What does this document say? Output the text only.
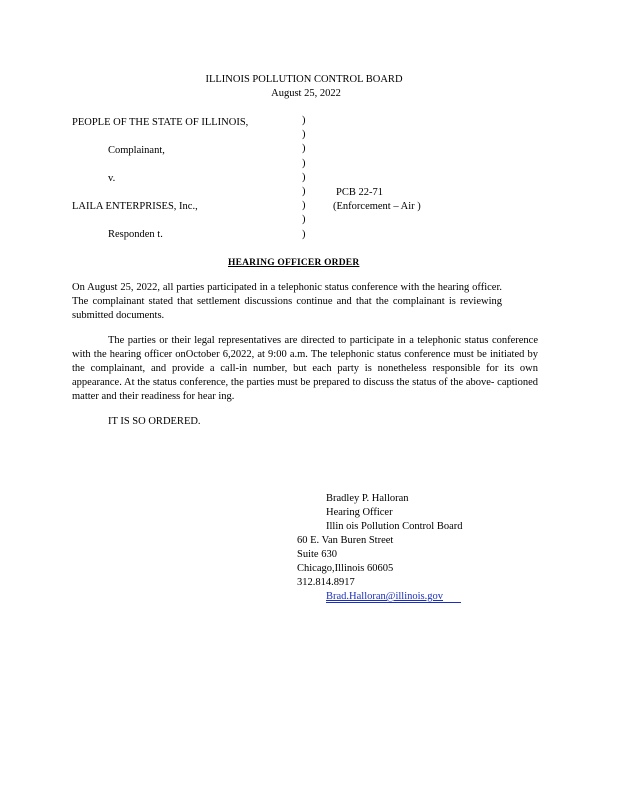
ILLINOIS POLLUTION CONTROL BOARD
August 25, 2022
PEOPLE OF THE STATE OF ILLINOIS,
Complainant,
v.
LAILA ENTERPRISES, Inc.,
Responden t.
)
)
)
)
)
)
)
)
)
PCB 22-71
(Enforcement – Air )
HEARING OFFICER ORDER
On August 25, 2022, all parties participated in a telephonic status conference with the hearing officer. The complainant stated that settlement discussions continue and that the complainant is reviewing submitted documents.
The parties or their legal representatives are directed to participate in a telephonic status conference with the hearing officer onOctober 6,2022, at 9:00 a.m. The telephonic status conference must be initiated by the complainant, and provide a call-in number, but each party is nonetheless responsible for its own appearance. At the status conference, the parties must be prepared to discuss the status of the above- captioned matter and their readiness for hear ing.
IT IS SO ORDERED.
Bradley P. Halloran
Hearing Officer
Illin ois Pollution Control Board
60 E. Van Buren Street
Suite 630
Chicago,Illinois 60605
312.814.8917
Brad.Halloran@illinois.gov
